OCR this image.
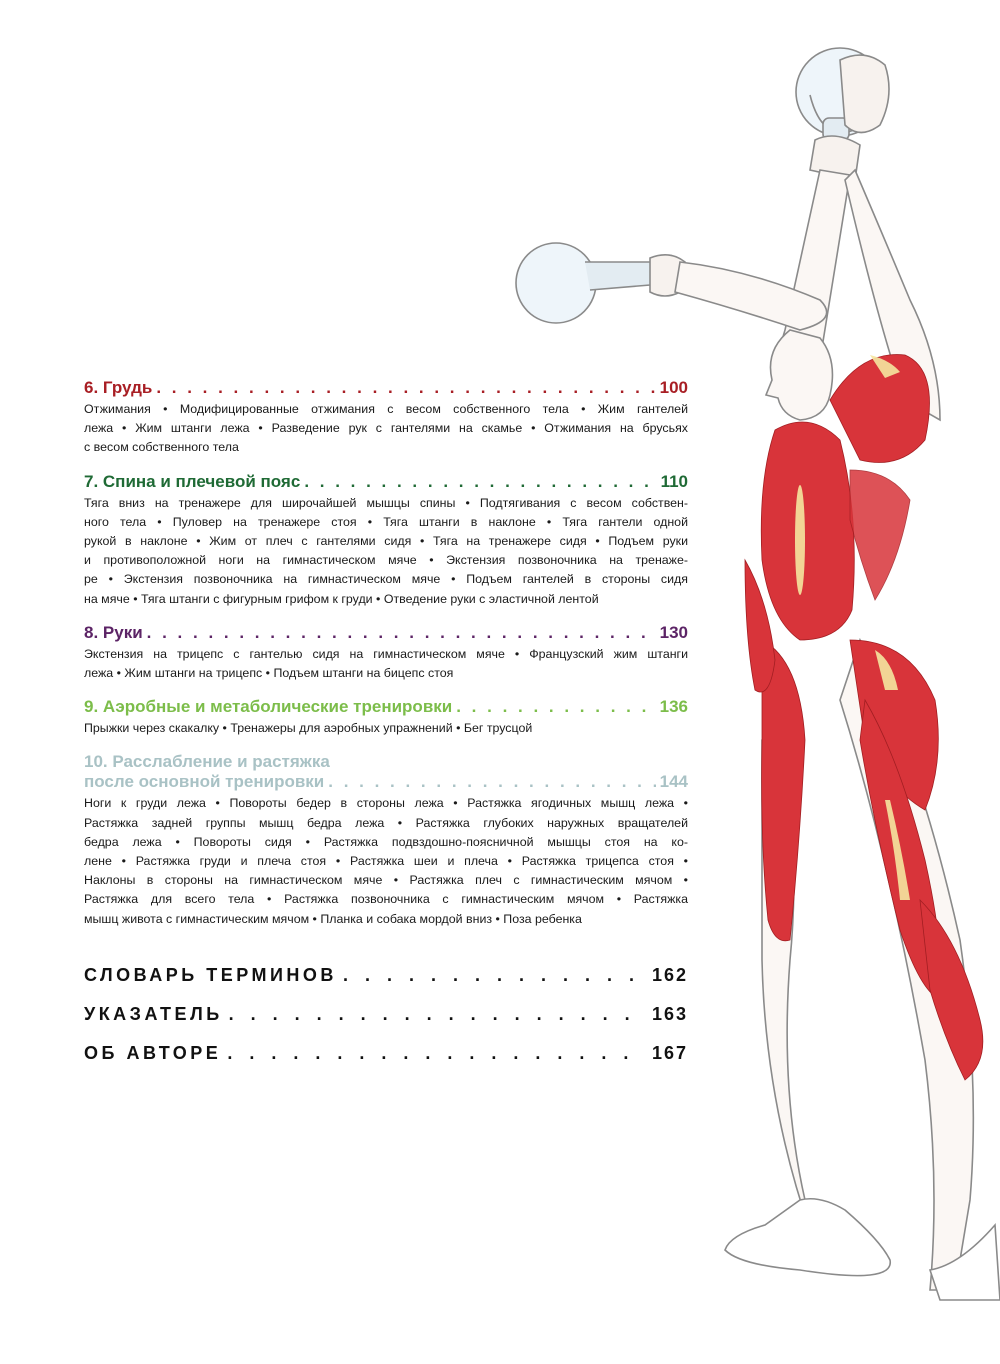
6. Грудь . . .	100
Отжимания • Модифицированные отжимания с весом собственного тела • Жим гантелей
лежа • Жим штанги лежа • Разведение рук с гантелями на скамье • Отжимания на брусьях
с весом собственного тела
7. Спина и плечевой пояс . . .	110
Тяга вниз на тренажере для широчайшей мышцы спины • Подтягивания с весом собствен-
ного тела • Пуловер на тренажере стоя • Тяга штанги в наклоне • Тяга гантели одной
рукой в наклоне • Жим от плеч с гантелями сидя • Тяга на тренажере сидя • Подъем руки
и противоположной ноги на гимнастическом мяче • Экстензия позвоночника на тренаже-
ре • Экстензия позвоночника на гимнастическом мяче • Подъем гантелей в стороны сидя
на мяче • Тяга штанги с фигурным грифом к груди • Отведение руки с эластичной лентой
8. Руки . . .	130
Экстензия на трицепс с гантелью сидя на гимнастическом мяче • Французский жим штанги
лежа • Жим штанги на трицепс • Подъем штанги на бицепс стоя
9. Аэробные и метаболические тренировки . . .	136
Прыжки через скакалку • Тренажеры для аэробных упражнений • Бег трусцой
10. Расслабление и растяжка
после основной тренировки . . .	144
Ноги к груди лежа • Повороты бедер в стороны лежа • Растяжка ягодичных мышц лежа •
Растяжка задней группы мышц бедра лежа • Растяжка глубоких наружных вращателей
бедра лежа • Повороты сидя • Растяжка подвздошно-поясничной мышцы стоя на ко-
лене • Растяжка груди и плеча стоя • Растяжка шеи и плеча • Растяжка трицепса стоя •
Наклоны в стороны на гимнастическом мяче • Растяжка плеч с гимнастическим мячом •
Растяжка для всего тела • Растяжка позвоночника с гимнастическим мячом • Растяжка
мышц живота с гимнастическим мячом • Планка и собака мордой вниз • Поза ребенка
СЛОВАРЬ ТЕРМИНОВ . . .	162
УКАЗАТЕЛЬ . . .	163
ОБ АВТОРЕ . . .	167
